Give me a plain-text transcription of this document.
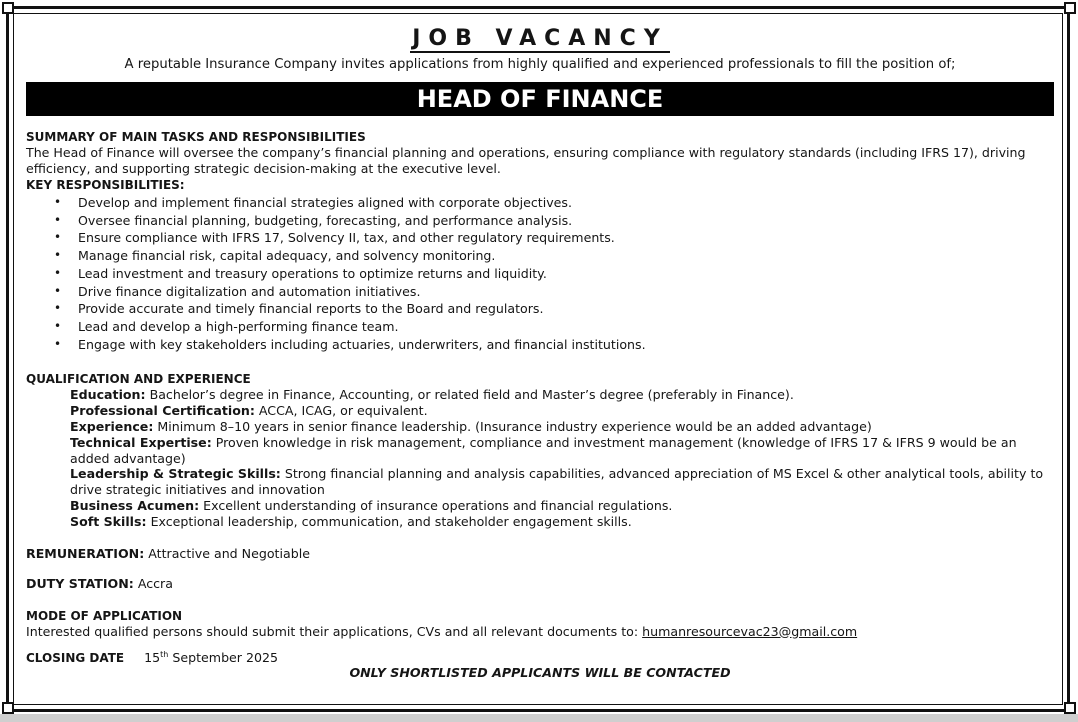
JOB VACANCY
A reputable Insurance Company invites applications from highly qualified and experienced professionals to fill the position of;
HEAD OF FINANCE
SUMMARY OF MAIN TASKS AND RESPONSIBILITIES
The Head of Finance will oversee the company’s financial planning and operations, ensuring compliance with regulatory standards (including IFRS 17), driving efficiency, and supporting strategic decision-making at the executive level.
KEY RESPONSIBILITIES:
• Develop and implement financial strategies aligned with corporate objectives.
• Oversee financial planning, budgeting, forecasting, and performance analysis.
• Ensure compliance with IFRS 17, Solvency II, tax, and other regulatory requirements.
• Manage financial risk, capital adequacy, and solvency monitoring.
• Lead investment and treasury operations to optimize returns and liquidity.
• Drive finance digitalization and automation initiatives.
• Provide accurate and timely financial reports to the Board and regulators.
• Lead and develop a high-performing finance team.
• Engage with key stakeholders including actuaries, underwriters, and financial institutions.
QUALIFICATION AND EXPERIENCE
Education: Bachelor’s degree in Finance, Accounting, or related field and Master’s degree (preferably in Finance).
Professional Certification: ACCA, ICAG, or equivalent.
Experience: Minimum 8–10 years in senior finance leadership. (Insurance industry experience would be an added advantage)
Technical Expertise: Proven knowledge in risk management, compliance and investment management (knowledge of IFRS 17 & IFRS 9 would be an added advantage)
Leadership & Strategic Skills: Strong financial planning and analysis capabilities, advanced appreciation of MS Excel & other analytical tools, ability to drive strategic initiatives and innovation
Business Acumen: Excellent understanding of insurance operations and financial regulations.
Soft Skills: Exceptional leadership, communication, and stakeholder engagement skills.
REMUNERATION: Attractive and Negotiable
DUTY STATION: Accra
MODE OF APPLICATION
Interested qualified persons should submit their applications, CVs and all relevant documents to: humanresourcevac23@gmail.com
CLOSING DATE 15th September 2025
ONLY SHORTLISTED APPLICANTS WILL BE CONTACTED
